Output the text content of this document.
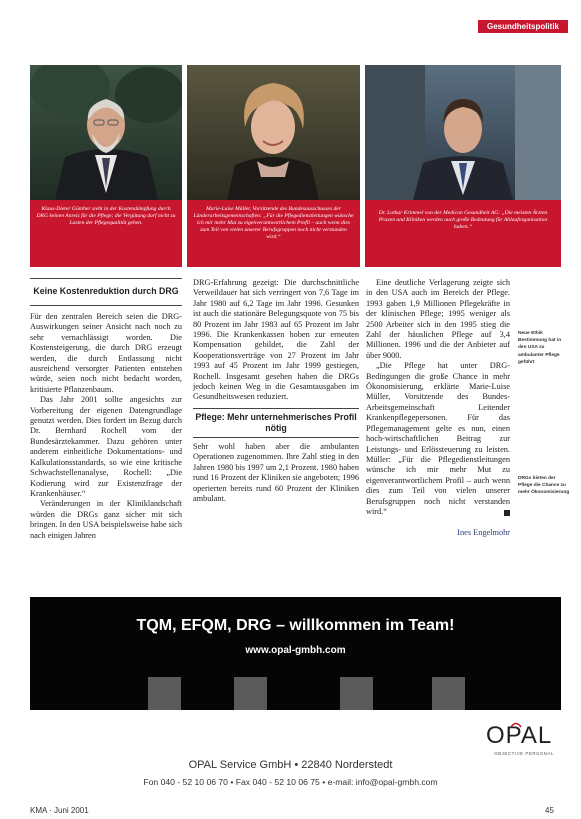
Gesundheitspolitik
Klaus-Dieter Günther sieht in der Kostendämpfung durch DRG keinen Anreiz für die Pflege; die Vergütung darf nicht zu Lasten der Pflegequalität gehen.
Marie-Luise Müller, Vorsitzende des Bundesausschusses der Länderarbeitsgemeinschaften: „Für die Pflegedienstleitungen wünsche ich mir mehr Mut zu eigenverantwortlichem Profil – auch wenn dies zum Teil von vielen unserer Berufsgruppen noch nicht verstanden wird.“
Dr. Lothar Krimmel von der Medicon Gesundheit AG: „Die meisten Ärzten Praxen und Kliniken werden auch große Bedeutung für Ablauforganisation haben.“
Keine Kostenreduktion durch DRG

Für den zentralen Bereich seien die DRG-Auswirkungen seiner Ansicht nach noch zu sehr vernachlässigt worden. Die Kostensteigerung, die durch DRG erzeugt werden, die durch Entlassung nicht ausreichend versorgter Patienten entstehen würde, seien noch nicht bedacht worden, kritisierte Pflanzenbaum.

Das Jahr 2001 sollte angesichts zur Vorbereitung der eigenen Datengrundlage genutzt werden. Dies fordert im Bezug durch Dr. Bernhard Rochell vom der Bundesärztekammer. Dazu gehören unter anderem einheitliche Dokumentations- und Kalkulationsstandards, so wie eine kritische Schwachstellenanalyse, Rochell: „Die Kodierung wird zur Existenzfrage der Krankenhäuser.“

Veränderungen in der Kliniklandschaft würden die DRGs ganz sicher mit sich bringen. In den USA beispielsweise habe sich nach einigen Jahren

DRG-Erfahrung gezeigt: Die durchschnittliche Verweildauer hat sich verringert von 7,6 Tage im Jahr 1980 auf 6,2 Tage im Jahr 1996. Gesunken ist auch die stationäre Belegungsquote von 75 bis 80 Prozent im Jahr 1983 auf 65 Prozent im Jahr 1996. Die Krankenkassen hoben zur erneuten Kompensation gebildet, die Zahl der Kooperationsverträge von 27 Prozent im Jahr 1993 auf 45 Prozent im Jahr 1999 gestiegen, Rochell. Insgesamt gesehen haben die DRGs jedoch keinen Weg in die Gesamtausgaben im Gesundheitswesen reduziert.

Pflege: Mehr unternehmerisches Profil nötig

Sehr wohl haben aber die ambulanten Operationen zugenommen. Ihre Zahl stieg in den Jahren 1980 bis 1997 um 2,1 Prozent. 1980 haben rund 16 Prozent der Kliniken sie angeboten; 1996 operierten bereits rund 60 Prozent der Kliniken ambulant.

Eine deutliche Verlagerung zeigte sich in den USA auch im Bereich der Pflege. 1993 gaben 1,9 Millionen Pflegekräfte in der klinischen Pflege; 1995 weniger als 2500 Arbeiter sich in den 1995 stieg die Zahl der häuslichen Pflege auf 3,4 Millionen. 1996 und die der Anbieter auf über 9000.

„Die Pflege hat unter DRG-Bedingungen die große Chance in mehr Ökonomisierung, erklärte Marie-Luise Müller, Vorsitzende des Bundes-Arbeitsgemeinschaft Leitender Krankenpflegepersonen. Für das Pflegemanagement gelte es nun, einen hoch-wirtschaftlichen Beitrag zur Leistungs- und Erlössteuerung zu leisten. Müller: „Für die Pflegedienstleitungen wünsche ich mir mehr Mut zu eigenverantwortlichem Profil – auch wenn dies zum Teil von vielen unserer Berufsgruppen noch nicht verstanden wird.“

Ines Engelmohr
Neue Ethik Bestimmung hat in den USA zu ambulanter Pflege geführt
DRGs bieten der Pflege die Chance zu mehr Ökonomisierung
TQM, EFQM, DRG – willkommen im Team!
www.opal-gmbh.com
OPAL
OBJECTIVE PERSONAL
OPAL Service GmbH • 22840 Norderstedt
Fon 040 - 52 10 06 70 • Fax 040 - 52 10 06 75 • e-mail: info@opal-gmbh.com
KMA · Juni 2001	45
